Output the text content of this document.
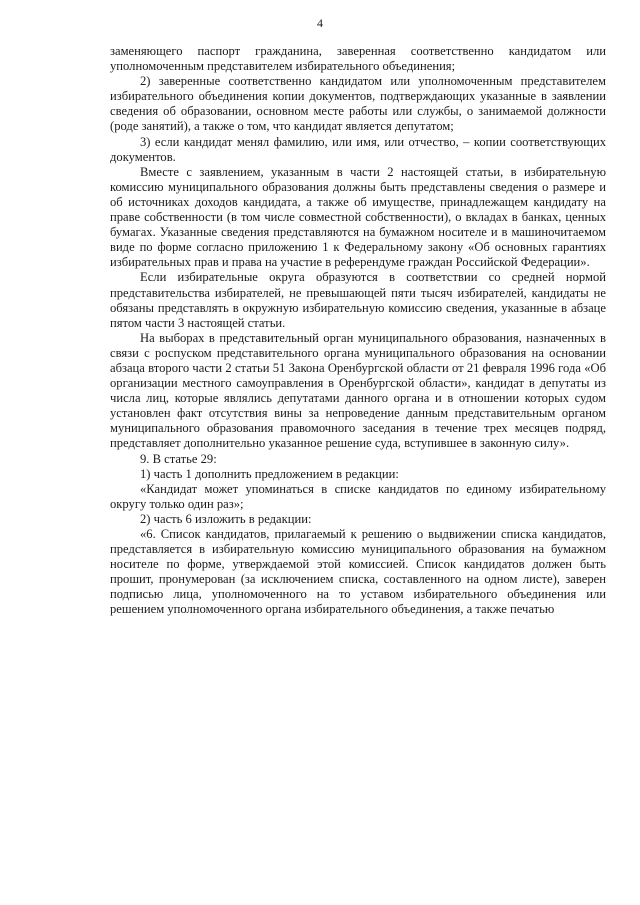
4

заменяющего паспорт гражданина, заверенная соответственно кандидатом или уполномоченным представителем избирательного объединения;

2) заверенные соответственно кандидатом или уполномоченным представителем избирательного объединения копии документов, подтверждающих указанные в заявлении сведения об образовании, основном месте работы или службы, о занимаемой должности (роде занятий), а также о том, что кандидат является депутатом;

3) если кандидат менял фамилию, или имя, или отчество, – копии соответствующих документов.

Вместе с заявлением, указанным в части 2 настоящей статьи, в избирательную комиссию муниципального образования должны быть представлены сведения о размере и об источниках доходов кандидата, а также об имуществе, принадлежащем кандидату на праве собственности (в том числе совместной собственности), о вкладах в банках, ценных бумагах. Указанные сведения представляются на бумажном носителе и в машиночитаемом виде по форме согласно приложению 1 к Федеральному закону «Об основных гарантиях избирательных прав и права на участие в референдуме граждан Российской Федерации».

Если избирательные округа образуются в соответствии со средней нормой представительства избирателей, не превышающей пяти тысяч избирателей, кандидаты не обязаны представлять в окружную избирательную комиссию сведения, указанные в абзаце пятом части 3 настоящей статьи.

На выборах в представительный орган муниципального образования, назначенных в связи с роспуском представительного органа муниципального образования на основании абзаца второго части 2 статьи 51 Закона Оренбургской области от 21 февраля 1996 года «Об организации местного самоуправления в Оренбургской области», кандидат в депутаты из числа лиц, которые являлись депутатами данного органа и в отношении которых судом установлен факт отсутствия вины за непроведение данным представительным органом муниципального образования правомочного заседания в течение трех месяцев подряд, представляет дополнительно указанное решение суда, вступившее в законную силу».

9. В статье 29:

1) часть 1 дополнить предложением в редакции:

«Кандидат может упоминаться в списке кандидатов по единому избирательному округу только один раз»;

2) часть 6 изложить в редакции:

«6. Список кандидатов, прилагаемый к решению о выдвижении списка кандидатов, представляется в избирательную комиссию муниципального образования на бумажном носителе по форме, утверждаемой этой комиссией. Список кандидатов должен быть прошит, пронумерован (за исключением списка, составленного на одном листе), заверен подписью лица, уполномоченного на то уставом избирательного объединения или решением уполномоченного органа избирательного объединения, а также печатью
